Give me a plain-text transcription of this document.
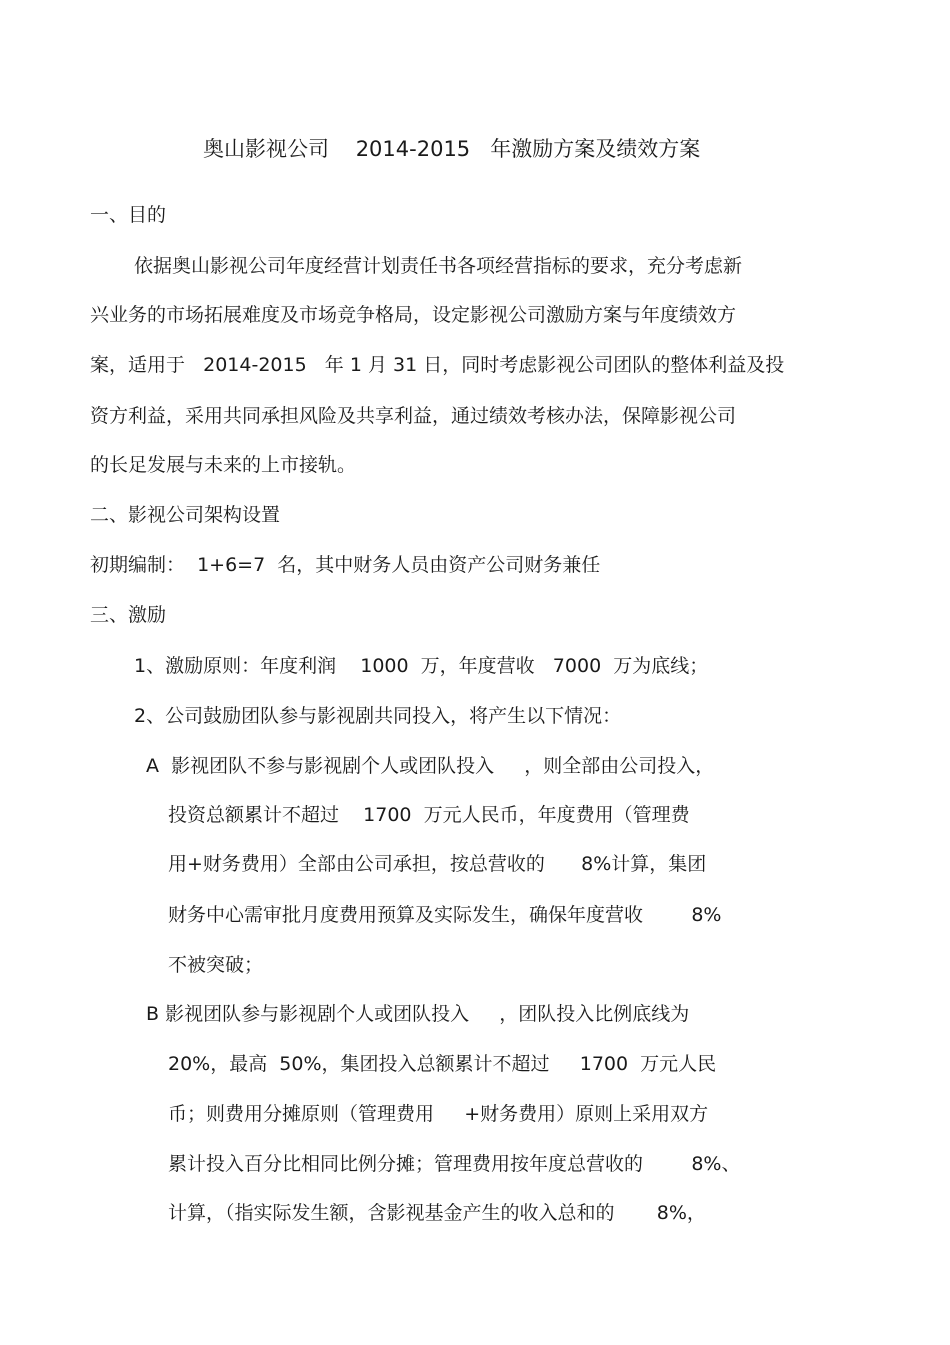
奥山影视公司    2014-2015   年激励方案及绩效方案
一、目的
依据奥山影视公司年度经营计划责任书各项经营指标的要求，充分考虑新
兴业务的市场拓展难度及市场竞争格局，设定影视公司激励方案与年度绩效方
案，适用于   2014-2015   年 1 月 31 日，同时考虑影视公司团队的整体利益及投
资方利益，采用共同承担风险及共享利益，通过绩效考核办法，保障影视公司
的长足发展与未来的上市接轨。
二、影视公司架构设置
初期编制：  1+6=7  名，其中财务人员由资产公司财务兼任
三、激励
1、激励原则：年度利润    1000  万，年度营收   7000  万为底线；
2、公司鼓励团队参与影视剧共同投入，将产生以下情况：
A  影视团队不参与影视剧个人或团队投入     ，则全部由公司投入，
投资总额累计不超过    1700  万元人民币，年度费用（管理费
用+财务费用）全部由公司承担，按总营收的      8%计算，集团
财务中心需审批月度费用预算及实际发生，确保年度营收        8%
不被突破；
B 影视团队参与影视剧个人或团队投入     ，团队投入比例底线为
20%，最高  50%，集团投入总额累计不超过     1700  万元人民
币；则费用分摊原则（管理费用     +财务费用）原则上采用双方
累计投入百分比相同比例分摊；管理费用按年度总营收的        8%、
计算，（指实际发生额，含影视基金产生的收入总和的       8%，
